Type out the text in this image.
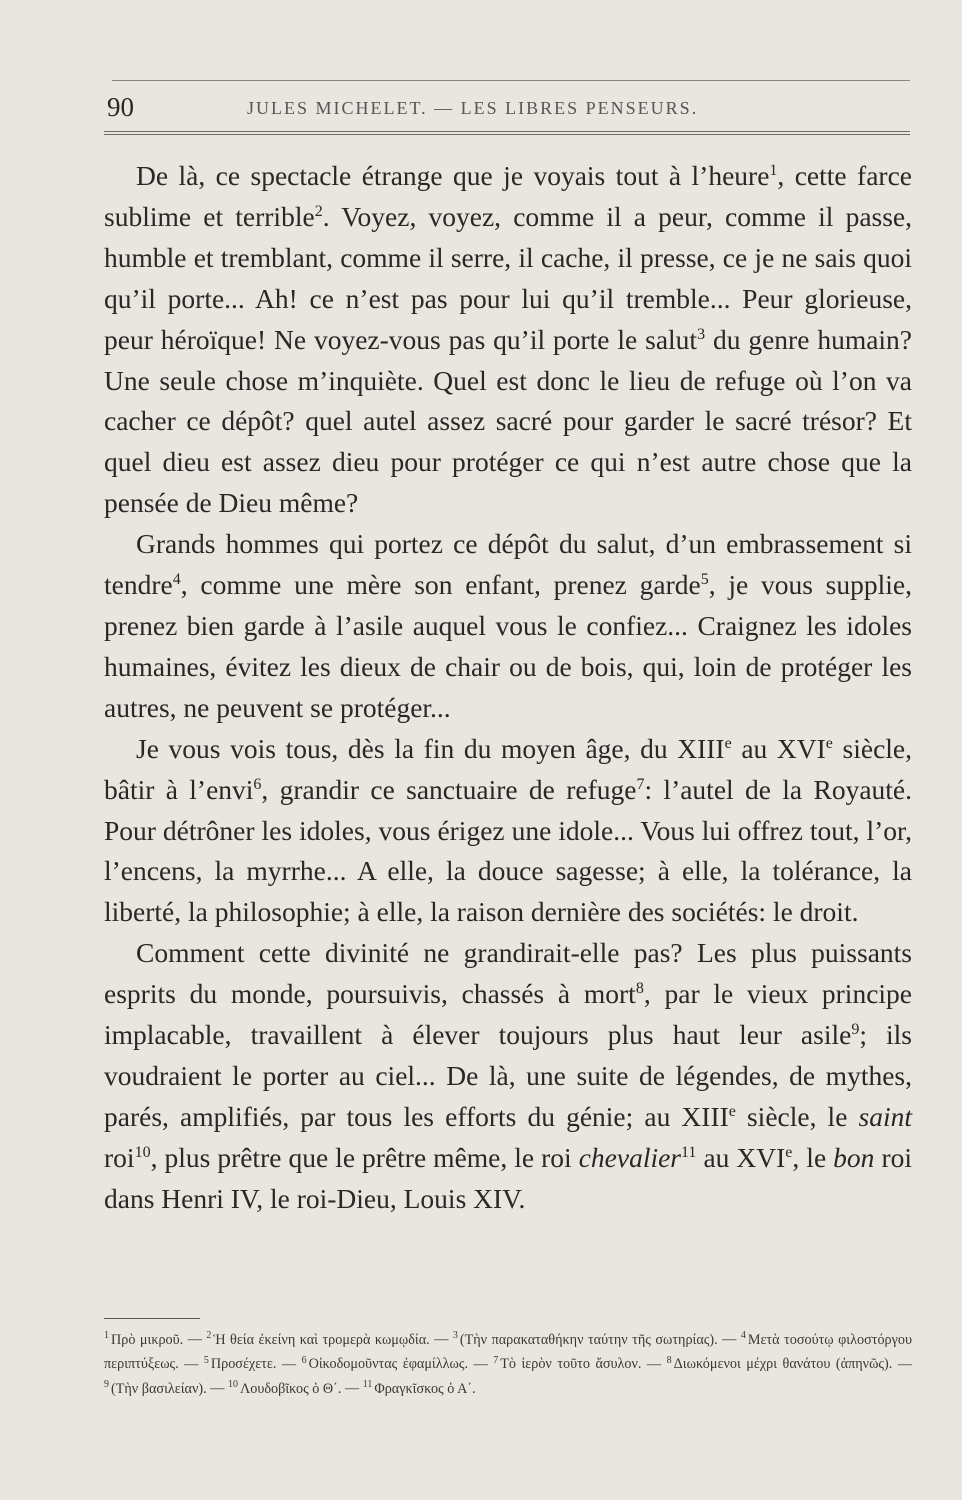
90	JULES MICHELET. — LES LIBRES PENSEURS.

De là, ce spectacle étrange que je voyais tout à l’heure$^1$, cette farce sublime et terrible$^2$. Voyez, voyez, comme il a peur, comme il passe, humble et tremblant, comme il serre, il cache, il presse, ce je ne sais quoi qu’il porte... Ah! ce n’est pas pour lui qu’il tremble... Peur glorieuse, peur héroïque! Ne voyez-vous pas qu’il porte le salut$^3$ du genre humain? Une seule chose m’inquiète. Quel est donc le lieu de refuge où l’on va cacher ce dépôt? quel autel assez sacré pour garder le sacré trésor? Et quel dieu est assez dieu pour protéger ce qui n’est autre chose que la pensée de Dieu même?

Grands hommes qui portez ce dépôt du salut, d’un embrassement si tendre$^4$, comme une mère son enfant, prenez garde$^5$, je vous supplie, prenez bien garde à l’asile auquel vous le confiez... Craignez les idoles humaines, évitez les dieux de chair ou de bois, qui, loin de protéger les autres, ne peuvent se protéger...

Je vous vois tous, dès la fin du moyen âge, du XIIIe au XVIe siècle, bâtir à l’envi$^6$, grandir ce sanctuaire de refuge$^7$: l’autel de la Royauté. Pour détrôner les idoles, vous érigez une idole... Vous lui offrez tout, l’or, l’encens, la myrrhe... A elle, la douce sagesse; à elle, la tolérance, la liberté, la philosophie; à elle, la raison dernière des sociétés: le droit.

Comment cette divinité ne grandirait-elle pas? Les plus puissants esprits du monde, poursuivis, chassés à mort$^8$, par le vieux principe implacable, travaillent à élever toujours plus haut leur asile$^9$; ils voudraient le porter au ciel... De là, une suite de légendes, de mythes, parés, amplifiés, par tous les efforts du génie; au XIIIe siècle, le saint roi$^{10}$, plus prêtre que le prêtre même, le roi chevalier$^{11}$ au XVIe, le bon roi dans Henri IV, le roi-Dieu, Louis XIV.

$^1$ Πρὸ μικροῦ. — $^2$ Ἡ θεία ἐκείνη καὶ τρομερὰ κωμῳδία. — $^3$ (Τὴν παρακαταθήκην ταύτην τῆς σωτηρίας). — $^4$ Μετὰ τοσούτῳ φιλοστόργου περιπτύξεως. — $^5$ Προσέχετε. — $^6$ Οἰκοδομοῦντας ἐφαμίλλως. — $^7$ Τὸ ἱερὸν τοῦτο ἄσυλον. — $^8$ Διωκόμενοι μέχρι θανάτου (ἀπηνῶς). — $^9$ (Τὴν βασιλείαν). — $^{10}$ Λουδοβῖκος ὁ Θ΄. — $^{11}$ Φραγκῖσκος ὁ Α΄.
